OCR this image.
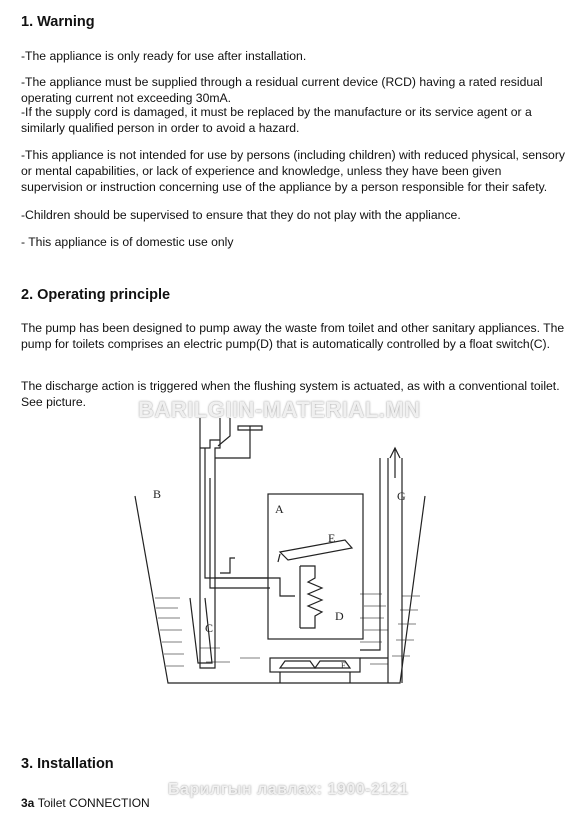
1. Warning

-The appliance is only ready for use after installation.

-The appliance must be supplied through a residual current device (RCD) having a rated residual operating current not exceeding 30mA.

-If the supply cord is damaged, it must be replaced by the manufacture or its service agent or a similarly qualified person in order to avoid a hazard.

-This appliance is not intended for use by persons (including children) with reduced physical, sensory or mental capabilities, or lack of experience and knowledge, unless they have been given supervision or instruction concerning use of the appliance by a person responsible for their safety.

-Children should be supervised to ensure that they do not play with the appliance.

- This appliance is of domestic use only

2. Operating principle

The pump has been designed to pump away the waste from toilet and other sanitary appliances. The pump for toilets comprises an electric pump(D) that is automatically controlled by a float switch(C).

The discharge action is triggered when the flushing system is actuated, as with a conventional toilet. See picture.

B
A
E
D
C
F
G
BARILGIIN-MATERIAL.MN
3. Installation

3a Toilet CONNECTION

Барилгын лавлах: 1900-2121
